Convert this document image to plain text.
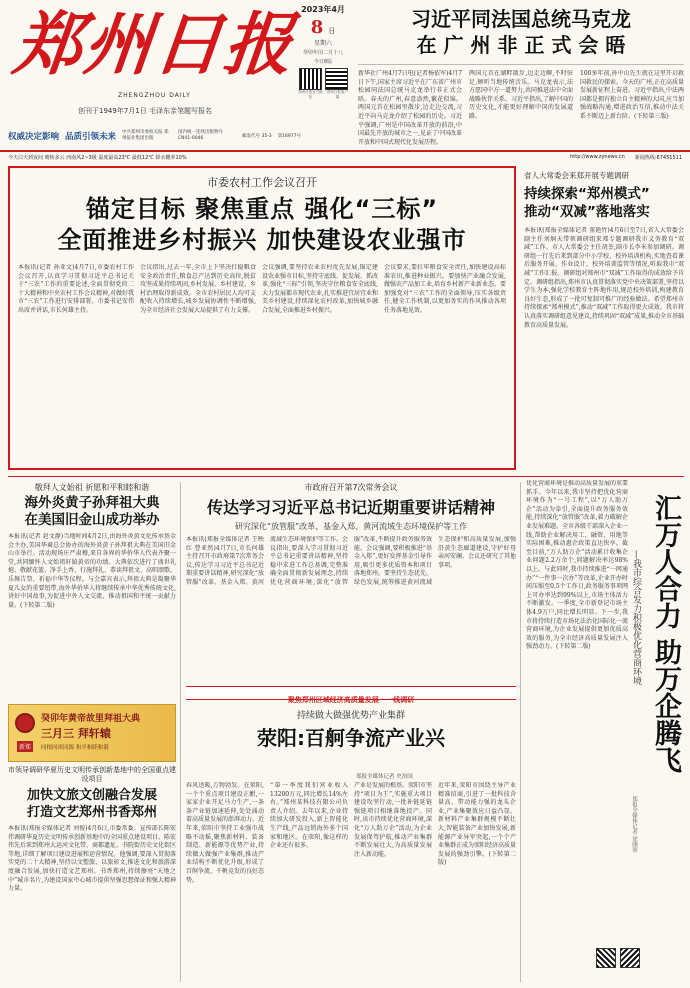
郑州日报
ZHENGZHOU DAILY
创刊于1949年7月1日 毛泽东亲笔题写报名
2023年4月
8 日
星期六
癸卯年闰二月十八
今日8版
郑州日报官方微信
郑州日报客户端
权威决定影响 品质引领未来 中共郑州市委机关报 郑州报业集团出版
国内统一连续出版物号 CN41-0046	邮发代号 35-3 第16977号
习近平同法国总统马克龙
在 广 州 非 正 式 会 晤
新华社广州4月7日电(记者杨依军)4月7日下午,国家主席习近平在广东省广州市松园同法国总统马克龙举行非正式会晤。春天的广州,春意盎然,繁花似锦。两国元首在松园里散步,边走边交流,习近平向马克龙介绍了松园的历史。习近平强调,广州是中国改革开放的前沿,中国最先开放的城市之一,见证了中国改革开放和中国式现代化发展历程。
两国元首在湖畔散步,边走边聊,不时驻足,倾听当地传统音乐。马克龙表示,法方愿同中方一道努力,共同推进法中全面战略伙伴关系。习近平指出,了解中国的历史文化,才能更好理解中国的发展道路。
100多年前,孙中山先生就在这里开启救国救民的探索。今天的广州,正在高质量发展新征程上奋进。习近平指出,中法两国都是拥有独立自主精神的大国,应当加强战略沟通,增进政治互信,推动中法关系不断迈上新台阶。(下转第三版)
今天白天到夜间 晴转多云 西南风2~3级 温度最高23℃ 最低12℃ 降水概率10%	http://www.zynews.cn 新闻热线:67451511
市委农村工作会议召开
锚定目标 聚焦重点 强化“三标”
全面推进乡村振兴 加快建设农业强市
本报讯(记者 孙亚文)4月7日,市委农村工作会议召开,认真学习贯彻习近平总书记关于“三农”工作的重要论述,全面贯彻党的二十大精神和中央农村工作会议精神,对做好我市“三农”工作进行安排部署。市委书记安伟出席并讲话,市长何雄主持。
会议指出,过去一年,全市上下坚决扛稳粮食安全政治责任,粮食总产达到历史高位,脱贫攻坚成果持续巩固,乡村发展、乡村建设、乡村治理取得新成效。全市农村居民人均可支配收入持续增长,城乡发展协调性不断增强,为全市经济社会发展大局提供了有力支撑。
会议强调,要坚持农业农村优先发展,锚定建设农业强市目标,坚持守底线、促发展、抓改革,强化“三标”引领,坚决守住粮食安全底线,大力发展都市现代农业,扎实推进宜居宜业和美乡村建设,持续深化农村改革,加快城乡融合发展,全面推进乡村振兴。
会议要求,要扛牢粮食安全责任,加快建设高标准农田,推进种业振兴。要加快产业融合发展,做强农产品加工业,培育乡村新产业新业态。要加强党对“三农”工作的全面领导,压实各级责任,健全工作机制,以更加务实的作风推动各项任务落地见效。
省人大常委会来郑开展专题调研
持续探索“郑州模式”
推动“双减”落地落实
本报讯(郑报全媒体记者 董艳竹)4月6日至7日,省人大常委会副主任刘炯天带领调研组来郑专题调研我市义务教育“双减”工作。市人大常委会主任胡荃,副市长李米参加调研。调研组一行先后来到部分中小学校、校外培训机构,实地查看课后服务开展、作业设计、校外培训监管等情况,听取我市“双减”工作汇报。调研组对郑州市“双减”工作取得的成效给予肯定。调研组指出,郑州市认真贯彻落实党中央决策部署,坚持以学生为本,强化学校教育主阵地作用,规范校外培训,构建教育良好生态,形成了一批可复制可推广的经验做法。希望郑州市持续探索“郑州模式”,推动“双减”工作取得更大成效。我市将认真落实调研组意见建议,持续巩固“双减”成果,推动全市基础教育高质量发展。
敬拜人文始祖 祈愿和平和睦和谐
海外炎黄子孙拜祖大典
在美国旧金山成功举办
本报讯(记者 赵文静)当地时间4月2日,由海外炎黄文化传承基金会主办,美国华裔总会协办的海外炎黄子孙拜祖大典在美国旧金山市举行。活动现场庄严肃穆,来自各界的华侨华人代表齐聚一堂,共同缅怀人文始祖轩辕黄帝的功绩。大典依次进行了盛世礼炮、敬献花篮、净手上香、行施拜礼、恭读拜祖文、高唱颂歌、乐舞告祭、祈福中华等仪程。与会嘉宾表示,拜祖大典是凝聚华夏儿女的重要纽带,海外华侨华人将继续传承中华优秀传统文化,讲好中国故事,为促进中外人文交流、推动祖国和平统一贡献力量。(下转第二版)
市政府召开第7次常务会议
传达学习习近平总书记近期重要讲话精神
研究深化“放管服”改革、基金入郑、黄河流域生态环境保护等工作
本报讯(郑报全媒体记者 王映红 曹亚然)4月7日,市长何雄主持召开市政府第7次常务会议,传达学习习近平总书记近期重要讲话精神,研究深化“放管服”改革、基金入郑、黄河流域生态环境保护等工作。会议指出,要深入学习贯彻习近平总书记重要讲话精神,坚持稳中求进工作总基调,完整准确全面贯彻新发展理念,持续优化营商环境,深化“放管服”改革,不断提升政务服务效能。会议强调,要积极推进“基金入郑”,更好发挥基金引导作用,吸引更多优质资本和项目落地郑州。要坚持生态优先、绿色发展,统筹推进黄河流域生态保护和高质量发展,加强沿黄生态廊道建设,守护好母亲河安澜。会议还研究了其他事项。
优化营商环境是推动高质量发展的重要抓手。今年以来,我市坚持把优化营商环境作为“一号工程”,以“万人助万企”活动为牵引,全面提升政务服务效能,持续深化“放管服”改革,着力破解企业发展难题。全市各级干部深入企业一线,帮助企业解决用工、融资、用地等实际困难,推动惠企政策直达快享。截至目前,“万人助万企”活动累计收集企业问题2.2万余个,问题解决率达98%以上。与此同时,我市持续推进“一网通办”“一件事一次办”等改革,企业开办时间压缩至0.5个工作日,政务服务事项网上可办率达到99%以上,市场主体活力不断激发。一季度,全市新登记市场主体4.9万户,同比增长明显。下一步,我市将持续打造市场化法治化国际化一流营商环境,为企业发展提供更加优质高效的服务,为全市经济高质量发展注入强劲动力。(下转第二版)	汇万人合力 助万企腾飞
—我市综合发力积极优化营商环境
郑报全媒体记者 徐刚领
癸卯年黄帝故里拜祖大典
三月三 拜轩辕
同根同祖同源 和平和睦和谐
新郑
市领导调研华夏历史文明传承创新基地中的全国重点建设项目
加快文旅文创融合发展
打造文艺郑州书香郑州
本报讯(郑报全媒体记者 刘俊)4月6日,市委常委、宣传部长陈宏伟调研华夏历史文明传承创新基地中的全国重点建设项目。陈宏伟先后来到郑州大运河文化带、商都遗址、书院街历史文化街区等地,详细了解项目建设进展和运营情况。他强调,要深入贯彻落实党的二十大精神,坚持以文塑旅、以旅彰文,推进文化和旅游深度融合发展,加快打造文艺郑州、书香郑州,持续擦亮“天地之中”城市名片,为建设国家中心城市提供坚强思想保证和强大精神力量。
聚焦郑州区域经济高质量发展 · 一线调研
持续做大做强优势产业集群
荥阳:百舸争流产业兴
郑报全媒体记者 史治国
春风送暖,万物勃发。在荥阳,一个个重点项目建设正酣,一家家企业开足马力生产,一条条产业链加速延伸,处处涌动着高质量发展的澎湃动力。近年来,荥阳市坚持工业强市战略不动摇,聚焦新材料、装备制造、新能源等优势产业,持续做大做强产业集群,推动产业结构不断优化升级,形成了百舸争流、千帆竞发的良好态势。
“第一季度我们营业收入13200万元,同比增长14%左右。”郑州某科技有限公司负责人介绍。去年以来,企业持续加大研发投入,新上智能化生产线,产品远销海外多个国家和地区。在荥阳,像这样的企业还有很多。
产业是发展的根基。荥阳市坚持“项目为王”,实施重大项目建设攻坚行动,一批补链延链强链项目相继落地投产。同时,该市持续优化营商环境,深化“万人助万企”活动,为企业发展保驾护航,推动产业集群不断发展壮大,为高质量发展注入新动能。
近年来,荥阳市围绕主导产业精准招商,引进了一批科技含量高、带动能力强的龙头企业,产业集聚效应日益凸显。新材料产业集群规模不断壮大,智能装备产业加快发展,新能源产业异军突起,一个个产业集群正成为荥阳经济高质量发展的强劲引擎。(下转第二版)
